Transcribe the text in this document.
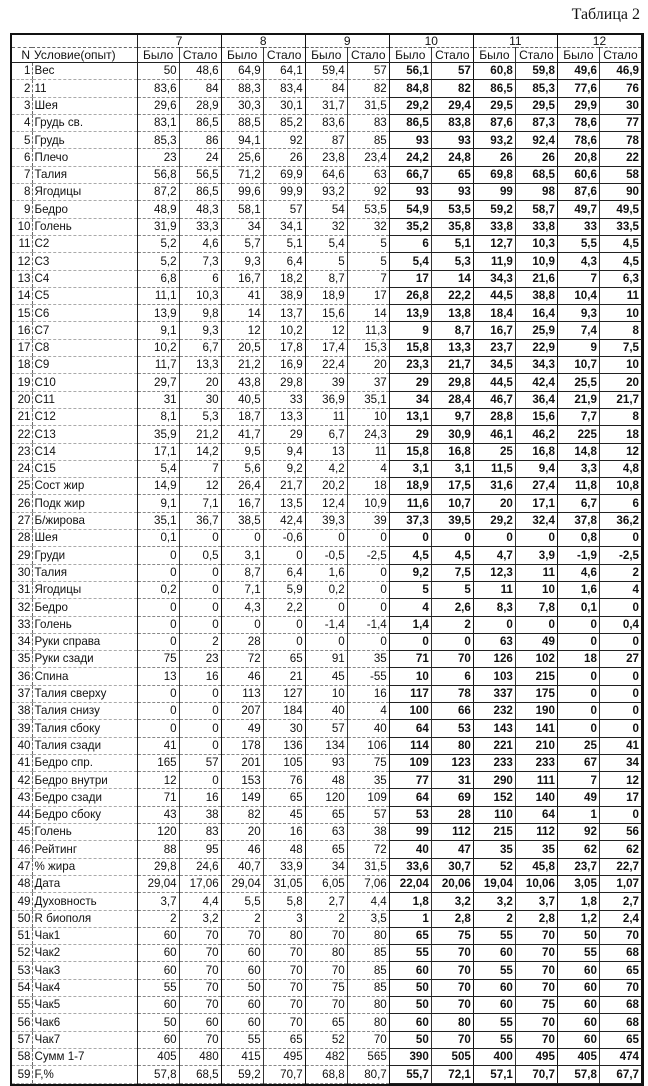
Таблица 2
		7	8	9	10	11	12
N	Условие(опыт)	Было	Стало	Было	Стало	Было	Стало	Было	Стало	Было	Стало	Было	Стало
1	Вес	50	48,6	64,9	64,1	59,4	57	56,1	57	60,8	59,8	49,6	46,9
2	11	83,6	84	88,3	83,4	84	82	84,8	82	86,5	85,3	77,6	76
3	Шея	29,6	28,9	30,3	30,1	31,7	31,5	29,2	29,4	29,5	29,5	29,9	30
4	Грудь св.	83,1	86,5	88,5	85,2	83,6	83	86,5	83,8	87,6	87,3	78,6	77
5	Грудь	85,3	86	94,1	92	87	85	93	93	93,2	92,4	78,6	78
6	Плечо	23	24	25,6	26	23,8	23,4	24,2	24,8	26	26	20,8	22
7	Талия	56,8	56,5	71,2	69,9	64,6	63	66,7	65	69,8	68,5	60,6	58
8	Ягодицы	87,2	86,5	99,6	99,9	93,2	92	93	93	99	98	87,6	90
9	Бедро	48,9	48,3	58,1	57	54	53,5	54,9	53,5	59,2	58,7	49,7	49,5
10	Голень	31,9	33,3	34	34,1	32	32	35,2	35,8	33,8	33,8	33	33,5
11	C2	5,2	4,6	5,7	5,1	5,4	5	6	5,1	12,7	10,3	5,5	4,5
12	C3	5,2	7,3	9,3	6,4	5	5	5,4	5,3	11,9	10,9	4,3	4,5
13	C4	6,8	6	16,7	18,2	8,7	7	17	14	34,3	21,6	7	6,3
14	C5	11,1	10,3	41	38,9	18,9	17	26,8	22,2	44,5	38,8	10,4	11
15	C6	13,9	9,8	14	13,7	15,6	14	13,9	13,8	18,4	16,4	9,3	10
16	C7	9,1	9,3	12	10,2	12	11,3	9	8,7	16,7	25,9	7,4	8
17	C8	10,2	6,7	20,5	17,8	17,4	15,3	15,8	13,3	23,7	22,9	9	7,5
18	C9	11,7	13,3	21,2	16,9	22,4	20	23,3	21,7	34,5	34,3	10,7	10
19	C10	29,7	20	43,8	29,8	39	37	29	29,8	44,5	42,4	25,5	20
20	C11	31	30	40,5	33	36,9	35,1	34	28,4	46,7	36,4	21,9	21,7
21	C12	8,1	5,3	18,7	13,3	11	10	13,1	9,7	28,8	15,6	7,7	8
22	C13	35,9	21,2	41,7	29	6,7	24,3	29	30,9	46,1	46,2	225	18
23	C14	17,1	14,2	9,5	9,4	13	11	15,8	16,8	25	16,8	14,8	12
24	C15	5,4	7	5,6	9,2	4,2	4	3,1	3,1	11,5	9,4	3,3	4,8
25	Сост жир	14,9	12	26,4	21,7	20,2	18	18,9	17,5	31,6	27,4	11,8	10,8
26	Подк жир	9,1	7,1	16,7	13,5	12,4	10,9	11,6	10,7	20	17,1	6,7	6
27	Б/жирова	35,1	36,7	38,5	42,4	39,3	39	37,3	39,5	29,2	32,4	37,8	36,2
28	Шея	0,1	0	0	-0,6	0	0	0	0	0	0	0,8	0
29	Груди	0	0,5	3,1	0	-0,5	-2,5	4,5	4,5	4,7	3,9	-1,9	-2,5
30	Талия	0	0	8,7	6,4	1,6	0	9,2	7,5	12,3	11	4,6	2
31	Ягодицы	0,2	0	7,1	5,9	0,2	0	5	5	11	10	1,6	4
32	Бедро	0	0	4,3	2,2	0	0	4	2,6	8,3	7,8	0,1	0
33	Голень	0	0	0	0	-1,4	-1,4	1,4	2	0	0	0	0,4
34	Руки справа	0	2	28	0	0	0	0	0	63	49	0	0
35	Руки сзади	75	23	72	65	91	35	71	70	126	102	18	27
36	Спина	13	16	46	21	45	-55	10	6	103	215	0	0
37	Талия сверху	0	0	113	127	10	16	117	78	337	175	0	0
38	Талия снизу	0	0	207	184	40	4	100	66	232	190	0	0
39	Талия сбоку	0	0	49	30	57	40	64	53	143	141	0	0
40	Талия сзади	41	0	178	136	134	106	114	80	221	210	25	41
41	Бедро спр.	165	57	201	105	93	75	109	123	233	233	67	34
42	Бедро внутри	12	0	153	76	48	35	77	31	290	111	7	12
43	Бедро сзади	71	16	149	65	120	109	64	69	152	140	49	17
44	Бедро сбоку	43	38	82	45	65	57	53	28	110	64	1	0
45	Голень	120	83	20	16	63	38	99	112	215	112	92	56
46	Рейтинг	88	95	46	48	65	72	40	47	35	35	62	62
47	% жира	29,8	24,6	40,7	33,9	34	31,5	33,6	30,7	52	45,8	23,7	22,7
48	Дата	29,04	17,06	29,04	31,05	6,05	7,06	22,04	20,06	19,04	10,06	3,05	1,07
49	Духовность	3,7	4,4	5,5	5,8	2,7	4,4	1,8	3,2	3,2	3,7	1,8	2,7
50	R биополя	2	3,2	2	3	2	3,5	1	2,8	2	2,8	1,2	2,4
51	Чак1	60	70	70	80	70	80	65	75	55	70	50	70
52	Чак2	60	70	60	70	80	85	55	70	60	70	55	68
53	Чак3	60	70	60	70	70	85	60	70	55	70	60	65
54	Чак4	55	70	50	70	75	85	50	70	60	70	60	70
55	Чак5	60	70	60	70	70	80	50	70	60	75	60	68
56	Чак6	50	60	60	70	65	80	60	80	55	70	60	68
57	Чак7	60	70	55	65	52	70	50	70	55	70	60	65
58	Сумм 1-7	405	480	415	495	482	565	390	505	400	495	405	474
59	F,%	57,8	68,5	59,2	70,7	68,8	80,7	55,7	72,1	57,1	70,7	57,8	67,7
